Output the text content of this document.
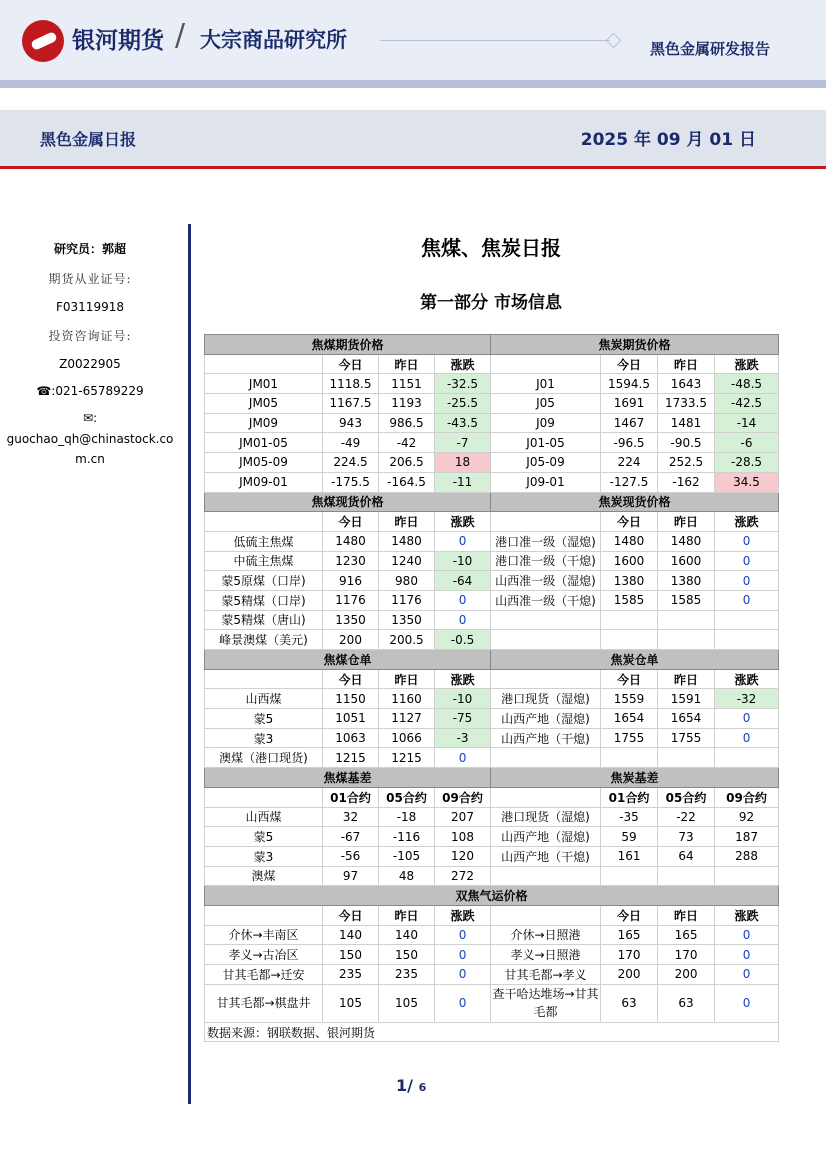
银河期货 / 大宗商品研究所	黑色金属研发报告
黑色金属日报	2025 年 09 月 01 日
研究员：郭超
期货从业证号:
F03119918
投资咨询证号:
Z0022905
☎:021-65789229
✉:
guochao_qh@chinastock.com.cn
焦煤、焦炭日报
第一部分 市场信息
焦煤期货价格				焦炭期货价格			
	今日	昨日	涨跌		今日	昨日	涨跌
JM01	1118.5	1151	-32.5	J01	1594.5	1643	-48.5
JM05	1167.5	1193	-25.5	J05	1691	1733.5	-42.5
JM09	943	986.5	-43.5	J09	1467	1481	-14
JM01-05	-49	-42	-7	J01-05	-96.5	-90.5	-6
JM05-09	224.5	206.5	18	J05-09	224	252.5	-28.5
JM09-01	-175.5	-164.5	-11	J09-01	-127.5	-162	34.5
焦煤现货价格				焦炭现货价格			
	今日	昨日	涨跌		今日	昨日	涨跌
低硫主焦煤	1480	1480	0	港口准一级（湿熄)	1480	1480	0
中硫主焦煤	1230	1240	-10	港口准一级（干熄)	1600	1600	0
蒙5原煤（口岸)	916	980	-64	山西准一级（湿熄)	1380	1380	0
蒙5精煤（口岸)	1176	1176	0	山西准一级（干熄)	1585	1585	0
蒙5精煤（唐山)	1350	1350	0				
峰景澳煤（美元)	200	200.5	-0.5				
焦煤仓单				焦炭仓单			
	今日	昨日	涨跌		今日	昨日	涨跌
山西煤	1150	1160	-10	港口现货（湿熄)	1559	1591	-32
蒙5	1051	1127	-75	山西产地（湿熄)	1654	1654	0
蒙3	1063	1066	-3	山西产地（干熄)	1755	1755	0
澳煤（港口现货)	1215	1215	0				
焦煤基差				焦炭基差			
	01合约	05合约	09合约		01合约	05合约	09合约
山西煤	32	-18	207	港口现货（湿熄)	-35	-22	92
蒙5	-67	-116	108	山西产地（湿熄)	59	73	187
蒙3	-56	-105	120	山西产地（干熄)	161	64	288
澳煤	97	48	272				
双焦气运价格							
	今日	昨日	涨跌		今日	昨日	涨跌
介休→丰南区	140	140	0	介休→日照港	165	165	0
孝义→古冶区	150	150	0	孝义→日照港	170	170	0
甘其毛都→迁安	235	235	0	甘其毛都→孝义	200	200	0
甘其毛都→棋盘井	105	105	0	查干哈达堆场→甘其毛都	63	63	0
数据来源：钢联数据、银河期货							
1/ 6
